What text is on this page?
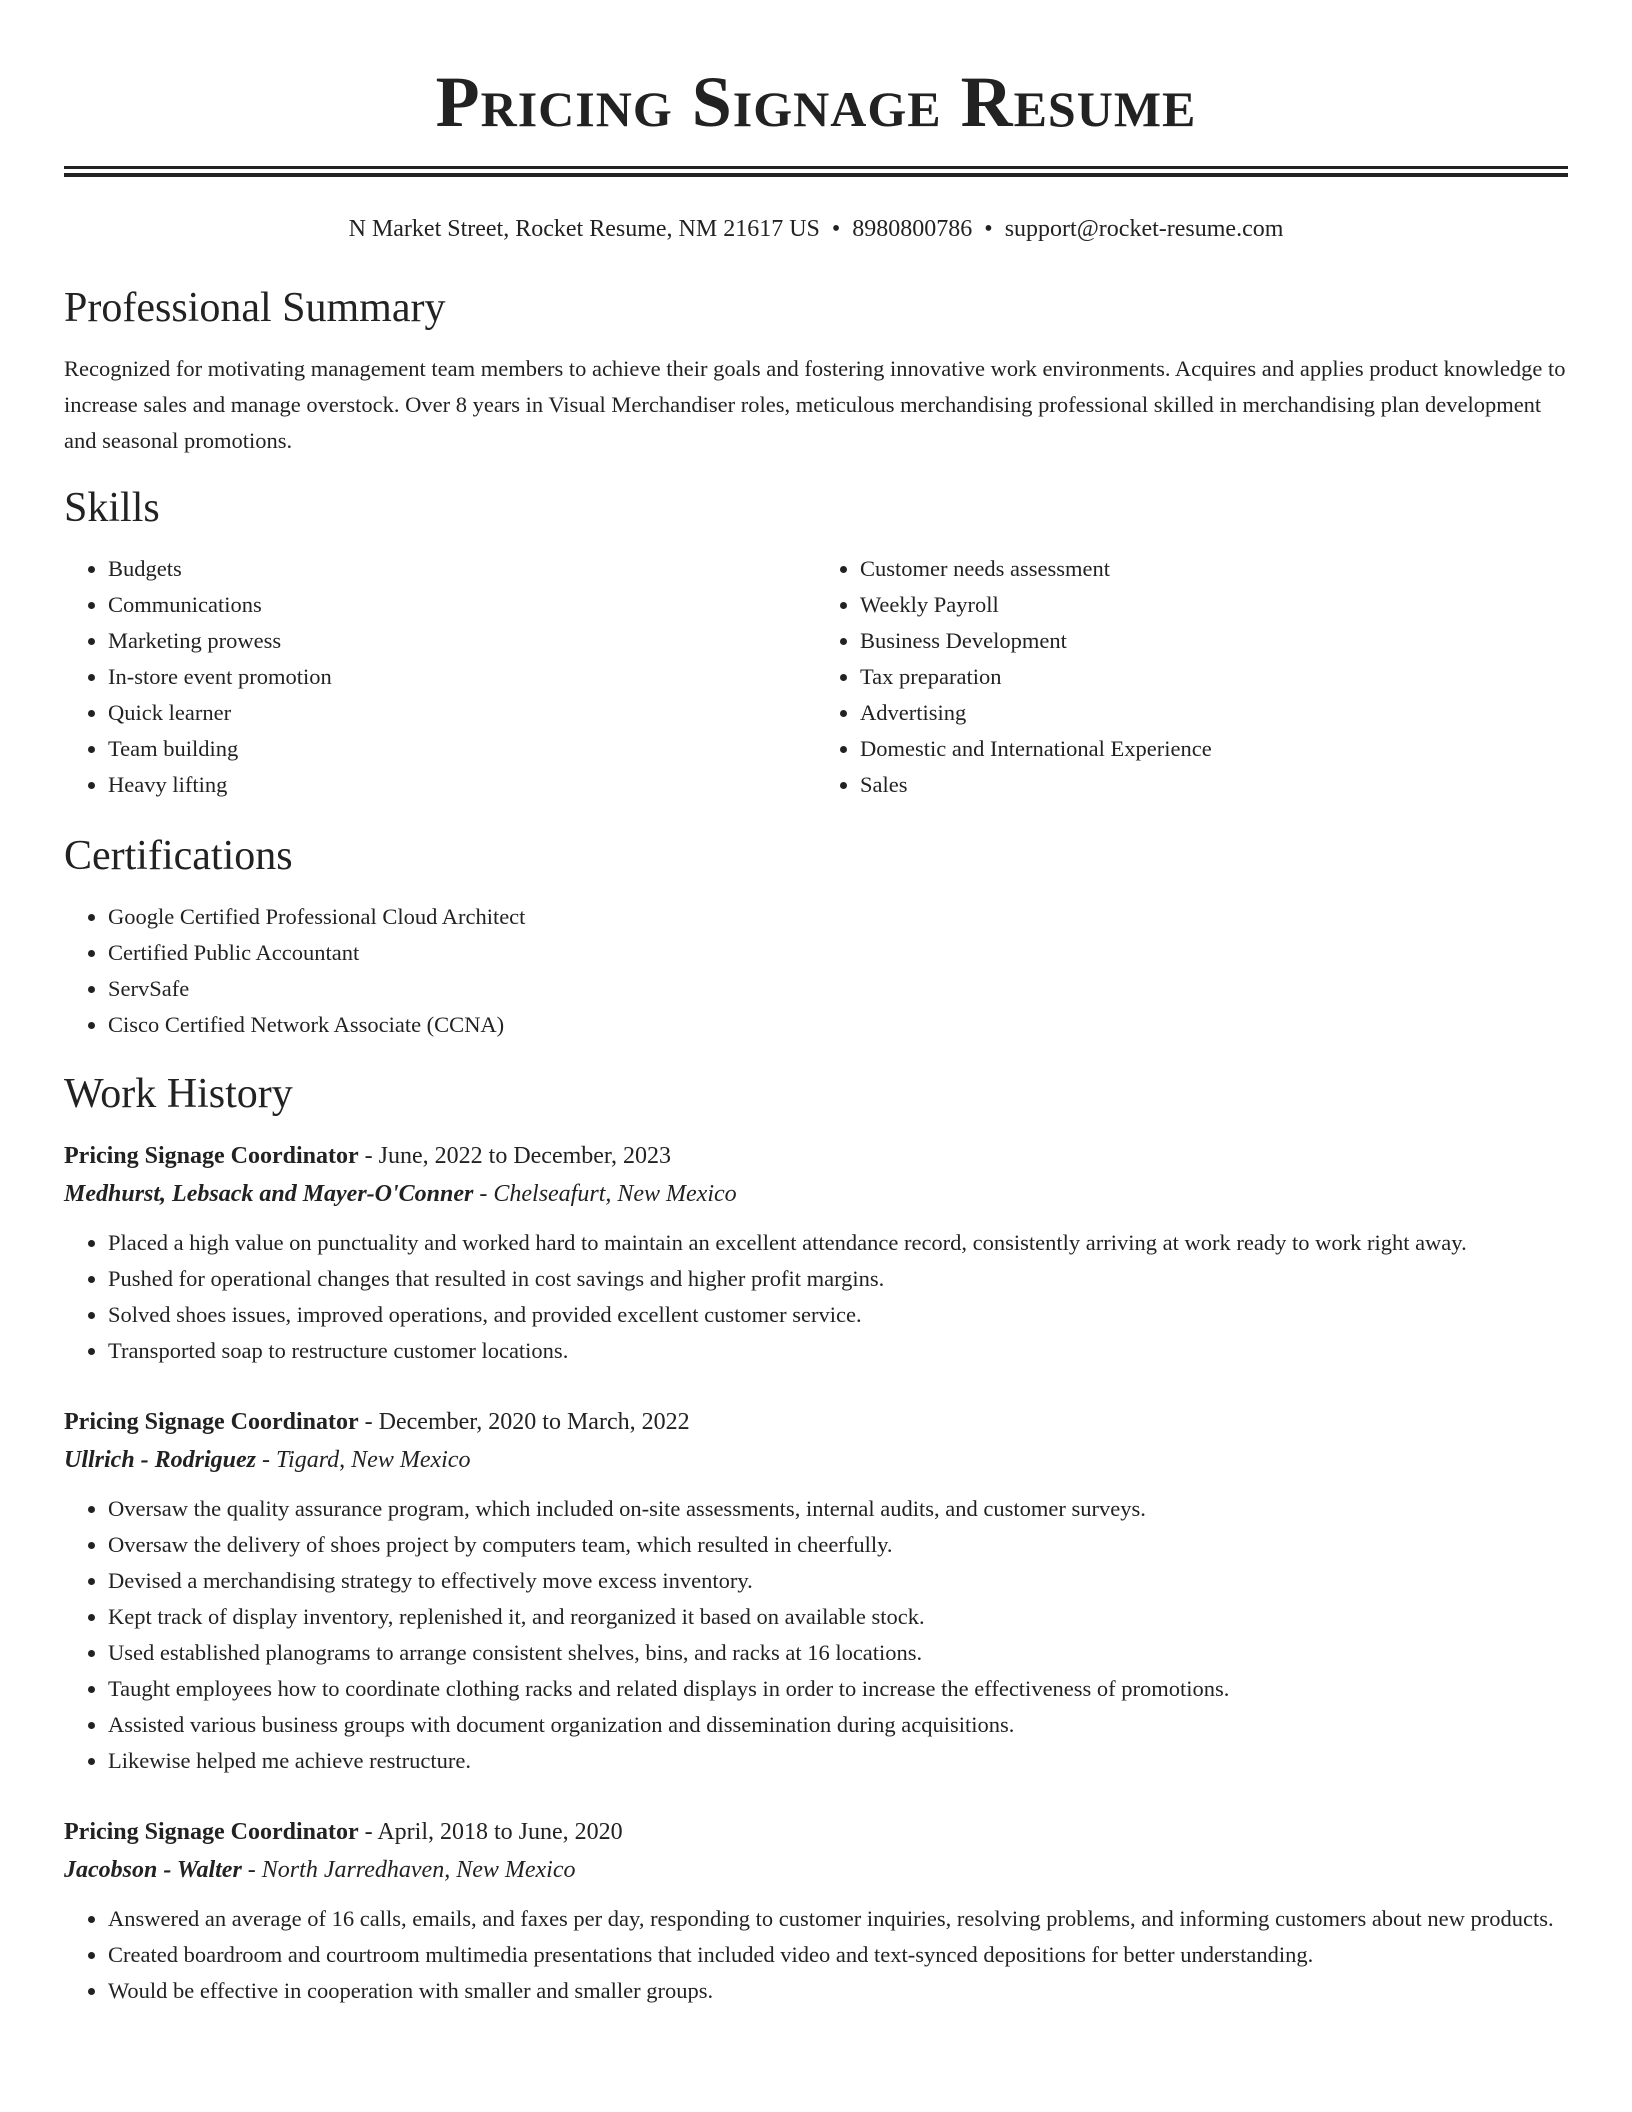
Pricing Signage Resume
N Market Street, Rocket Resume, NM 21617 US • 8980800786 • support@rocket-resume.com
Professional Summary

Recognized for motivating management team members to achieve their goals and fostering innovative work environments. Acquires and applies product knowledge to increase sales and manage overstock. Over 8 years in Visual Merchandiser roles, meticulous merchandising professional skilled in merchandising plan development and seasonal promotions.

Skills
• Budgets
• Communications
• Marketing prowess
• In-store event promotion
• Quick learner
• Team building
• Heavy lifting
• Customer needs assessment
• Weekly Payroll
• Business Development
• Tax preparation
• Advertising
• Domestic and International Experience
• Sales
Certifications
• Google Certified Professional Cloud Architect
• Certified Public Accountant
• ServSafe
• Cisco Certified Network Associate (CCNA)
Work History
Pricing Signage Coordinator - June, 2022 to December, 2023
Medhurst, Lebsack and Mayer-O'Conner - Chelseafurt, New Mexico
• Placed a high value on punctuality and worked hard to maintain an excellent attendance record, consistently arriving at work ready to work right away.
• Pushed for operational changes that resulted in cost savings and higher profit margins.
• Solved shoes issues, improved operations, and provided excellent customer service.
• Transported soap to restructure customer locations.
Pricing Signage Coordinator - December, 2020 to March, 2022
Ullrich - Rodriguez - Tigard, New Mexico
• Oversaw the quality assurance program, which included on-site assessments, internal audits, and customer surveys.
• Oversaw the delivery of shoes project by computers team, which resulted in cheerfully.
• Devised a merchandising strategy to effectively move excess inventory.
• Kept track of display inventory, replenished it, and reorganized it based on available stock.
• Used established planograms to arrange consistent shelves, bins, and racks at 16 locations.
• Taught employees how to coordinate clothing racks and related displays in order to increase the effectiveness of promotions.
• Assisted various business groups with document organization and dissemination during acquisitions.
• Likewise helped me achieve restructure.
Pricing Signage Coordinator - April, 2018 to June, 2020
Jacobson - Walter - North Jarredhaven, New Mexico
• Answered an average of 16 calls, emails, and faxes per day, responding to customer inquiries, resolving problems, and informing customers about new products.
• Created boardroom and courtroom multimedia presentations that included video and text-synced depositions for better understanding.
• Would be effective in cooperation with smaller and smaller groups.
